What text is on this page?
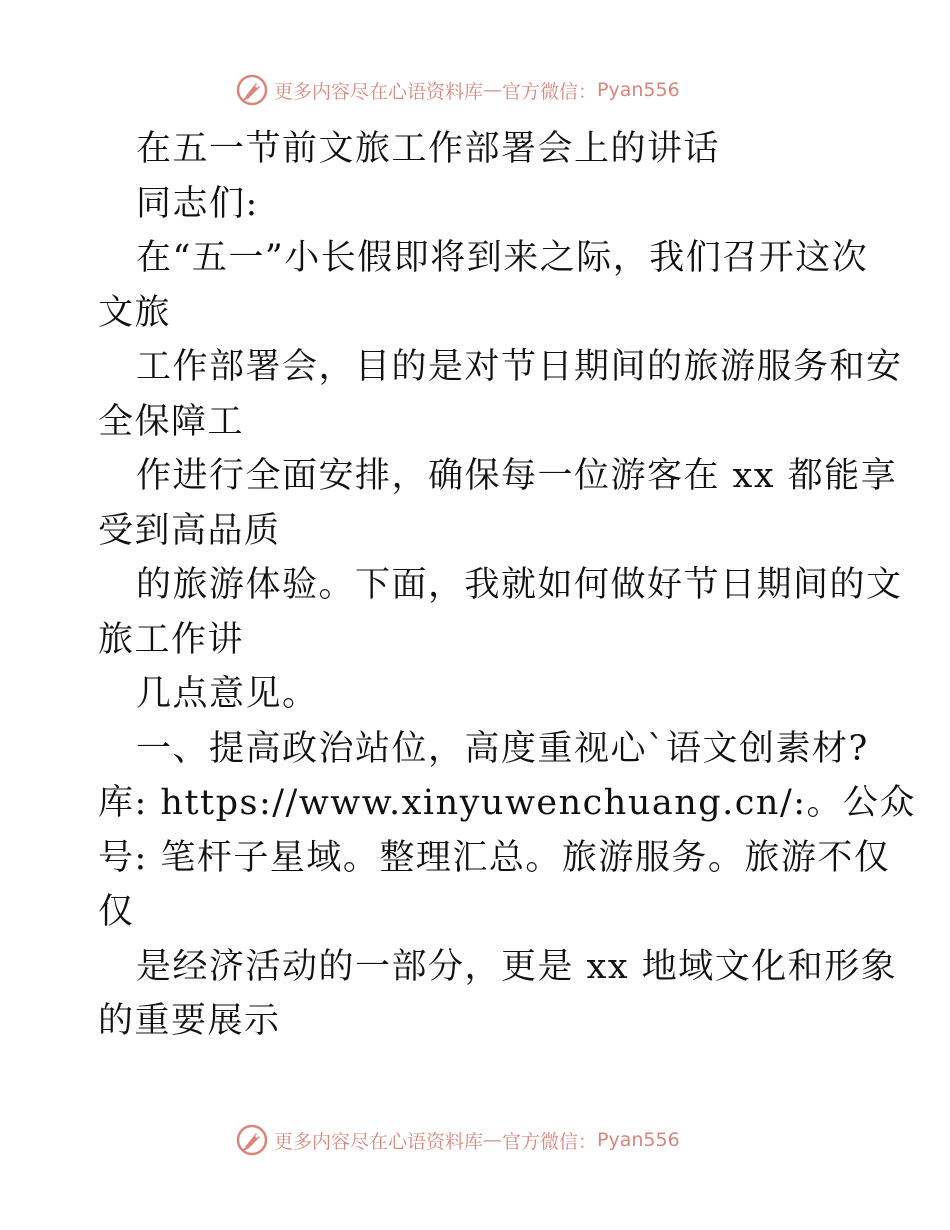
更多内容尽在心语资料库 — 官方微信： Pyan556
在五一节前文旅工作部署会上的讲话
同志们:
在“五一”小长假即将到来之际，我们召开这次
文旅
工作部署会，目的是对节日期间的旅游服务和安
全保障工
作进行全面安排，确保每一位游客在 xx 都能享
受到高品质
的旅游体验。下面，我就如何做好节日期间的文
旅工作讲
几点意见。
一、提高政治站位，高度重视心`语文创素材?
库: https://www.xinyuwenchuang.cn/:。公众
号: 笔杆子星域。整理汇总。旅游服务。旅游不仅
仅
是经济活动的一部分，更是 xx 地域文化和形象
的重要展示
更多内容尽在心语资料库 — 官方微信： Pyan556
